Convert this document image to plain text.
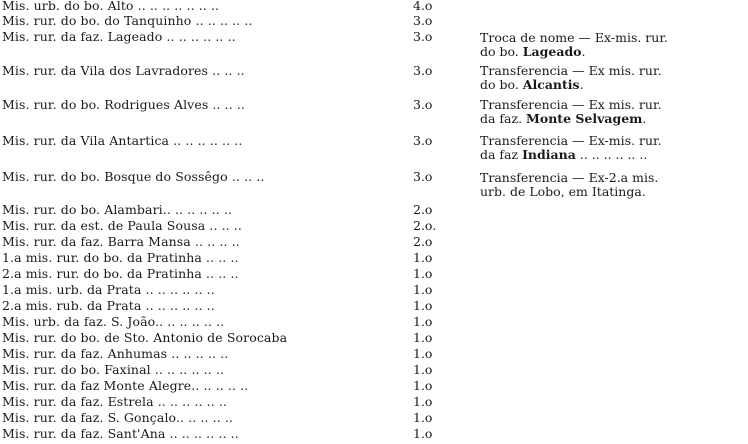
Mis. urb. do bo. Alto .. .. .. .. .. .. ..	4.o
Mis. rur. do bo. do Tanquinho .. .. .. .. ..	3.o
Mis. rur. da faz. Lageado .. .. .. .. .. ..	3.o	Troca de nome — Ex-mis. rur.
do bo. Lageado.
Mis. rur. da Vila dos Lavradores .. .. ..	3.o	Transferencia — Ex mis. rur.
do bo. Alcantis.
Mis. rur. do bo. Rodrigues Alves .. .. ..	3.o	Transferencia — Ex mis. rur.
da faz. Monte Selvagem.
Mis. rur. da Vila Antartica .. .. .. .. .. ..	3.o	Transferencia — Ex-mis. rur.
da faz Indiana .. .. .. .. .. ..
Mis. rur. do bo. Bosque do Sossêgo .. .. ..	3.o	Transferencia — Ex-2.a mis.
urb. de Lobo, em Itatinga.
Mis. rur. do bo. Alambari.. .. .. .. .. ..	2.o
Mis. rur. da est. de Paula Sousa .. .. ..	2.o.
Mis. rur. da faz. Barra Mansa .. .. .. ..	2.o
1.a mis. rur. do bo. da Pratinha .. .. ..	1.o
2.a mis. rur. do bo. da Pratinha .. .. ..	1.o
1.a mis. urb. da Prata .. .. .. .. .. ..	1.o
2.a mis. rub. da Prata .. .. .. .. .. ..	1.o
Mis. urb. da faz. S. João.. .. .. .. .. ..	1.o
Mis. rur. do bo. de Sto. Antonio de Sorocaba	1.o
Mis. rur. da faz. Anhumas .. .. .. .. ..	1.o
Mis. rur. do bo. Faxinal .. .. .. .. .. ..	1.o
Mis. rur. da faz Monte Alegre.. .. .. .. ..	1.o
Mis. rur. da faz. Estrela .. .. .. .. .. ..	1.o
Mis. rur. da faz. S. Gonçalo.. .. .. .. ..	1.o
Mis. rur. da faz. Sant'Ana .. .. .. .. .. ..	1.o
